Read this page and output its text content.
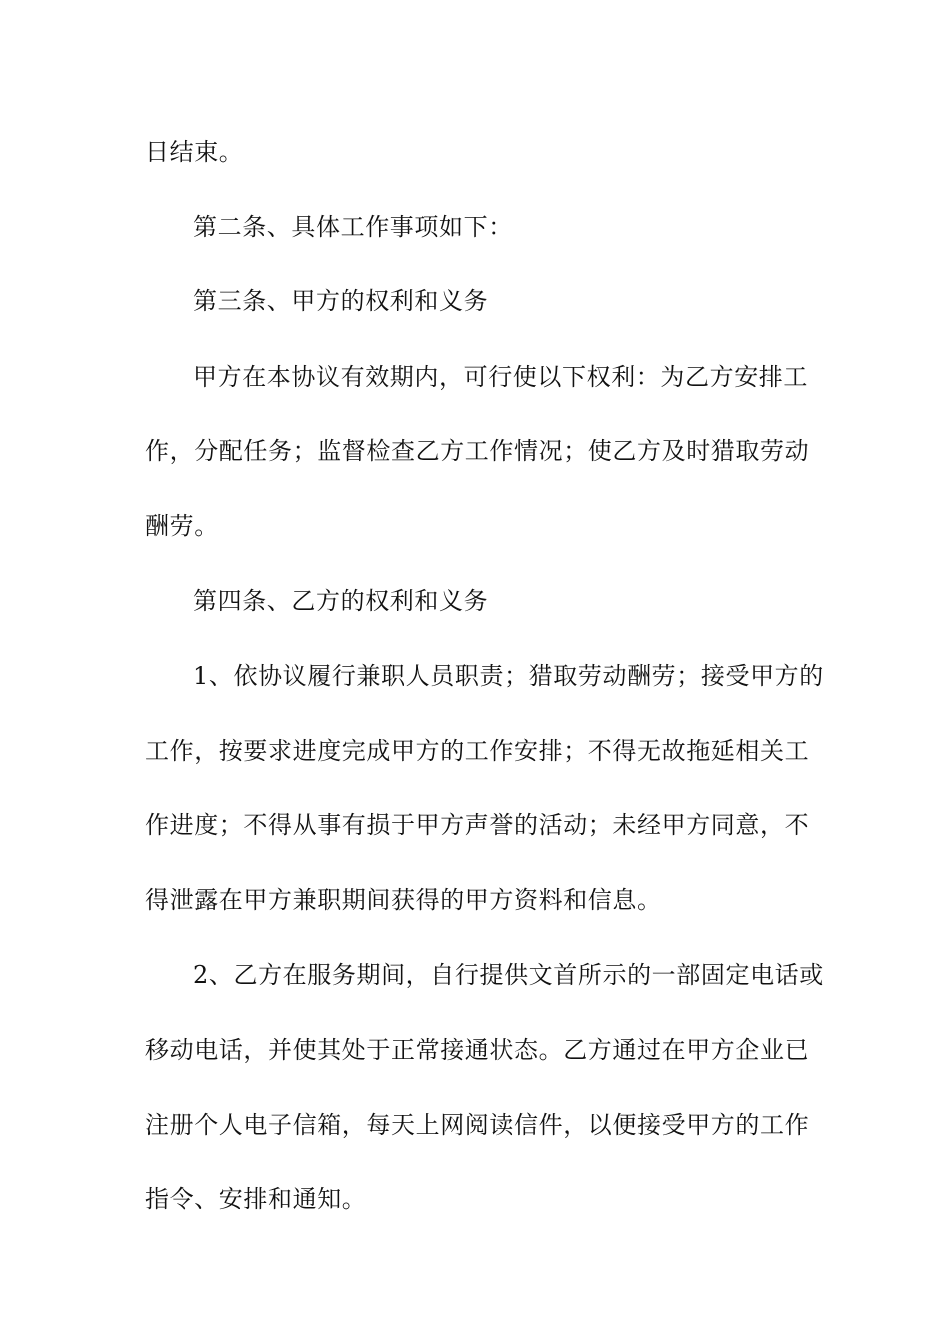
日结束。

第二条、具体工作事项如下：

第三条、甲方的权利和义务

甲方在本协议有效期内，可行使以下权利：为乙方安排工

作，分配任务；监督检查乙方工作情况；使乙方及时猎取劳动

酬劳。

第四条、乙方的权利和义务

1、依协议履行兼职人员职责；猎取劳动酬劳；接受甲方的

工作，按要求进度完成甲方的工作安排；不得无故拖延相关工

作进度；不得从事有损于甲方声誉的活动；未经甲方同意，不

得泄露在甲方兼职期间获得的甲方资料和信息。

2、乙方在服务期间，自行提供文首所示的一部固定电话或

移动电话，并使其处于正常接通状态。乙方通过在甲方企业已

注册个人电子信箱，每天上网阅读信件，以便接受甲方的工作

指令、安排和通知。
